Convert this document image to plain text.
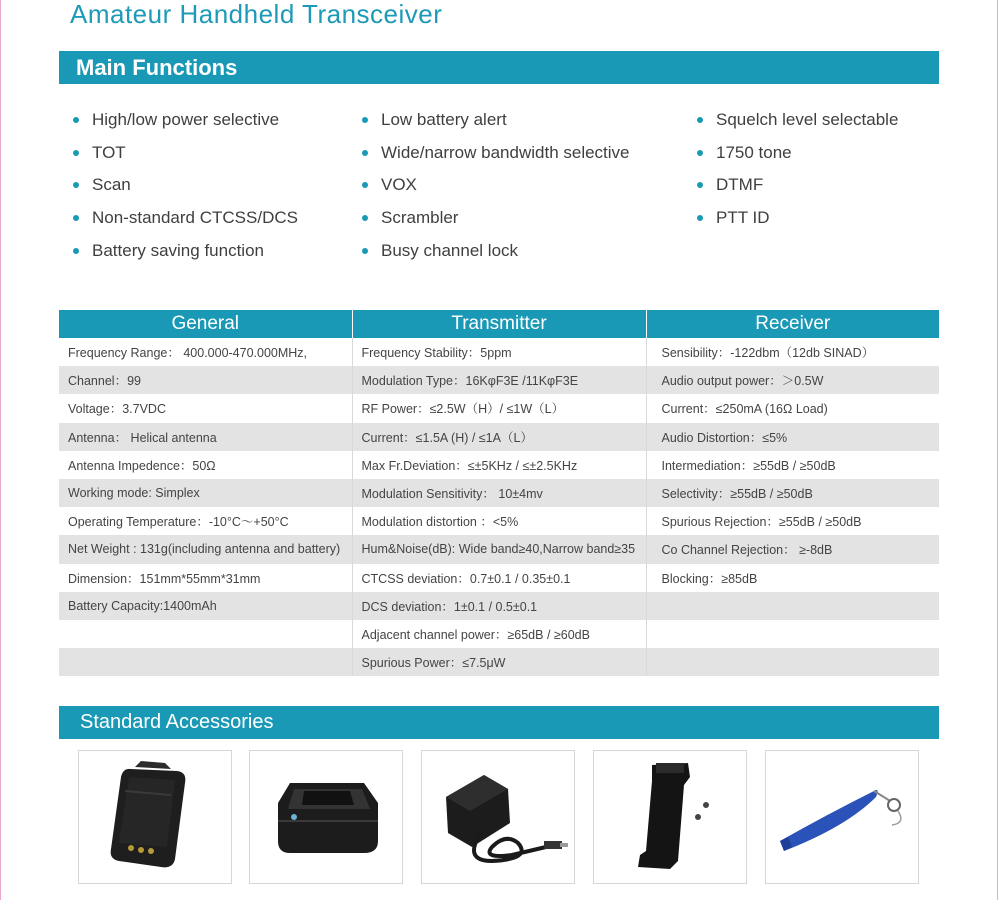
Amateur Handheld Transceiver
Main Functions
High/low power selective
TOT
Scan
Non-standard CTCSS/DCS
Battery saving function
Low battery alert
Wide/narrow bandwidth selective
VOX
Scrambler
Busy channel lock
Squelch level selectable
1750 tone
DTMF
PTT ID
General	Transmitter	Receiver
Frequency Range： 400.000-470.000MHz,	Frequency Stability：5ppm	Sensibility：-122dbm（12db SINAD）
Channel：99	Modulation Type：16KφF3E /11KφF3E	Audio output power：＞0.5W
Voltage：3.7VDC	RF Power：≤2.5W（H）/ ≤1W（L）	Current：≤250mA (16Ω Load)
Antenna： Helical antenna	Current：≤1.5A (H) / ≤1A（L）	Audio Distortion：≤5%
Antenna Impedence：50Ω	Max Fr.Deviation：≤±5KHz / ≤±2.5KHz	Intermediation：≥55dB / ≥50dB
Working mode: Simplex	Modulation Sensitivity： 10±4mv	Selectivity：≥55dB / ≥50dB
Operating Temperature：-10°C～+50°C	Modulation distortion ：<5%	Spurious Rejection：≥55dB / ≥50dB
Net Weight : 131g(including antenna and battery)	Hum&Noise(dB): Wide band≥40,Narrow band≥35	Co Channel Rejection： ≥-8dB
Dimension：151mm*55mm*31mm	CTCSS deviation：0.7±0.1 / 0.35±0.1	Blocking：≥85dB
Battery Capacity:1400mAh	DCS deviation：1±0.1 / 0.5±0.1	
	Adjacent channel power：≥65dB / ≥60dB	
	Spurious Power：≤7.5μW	
Standard Accessories
